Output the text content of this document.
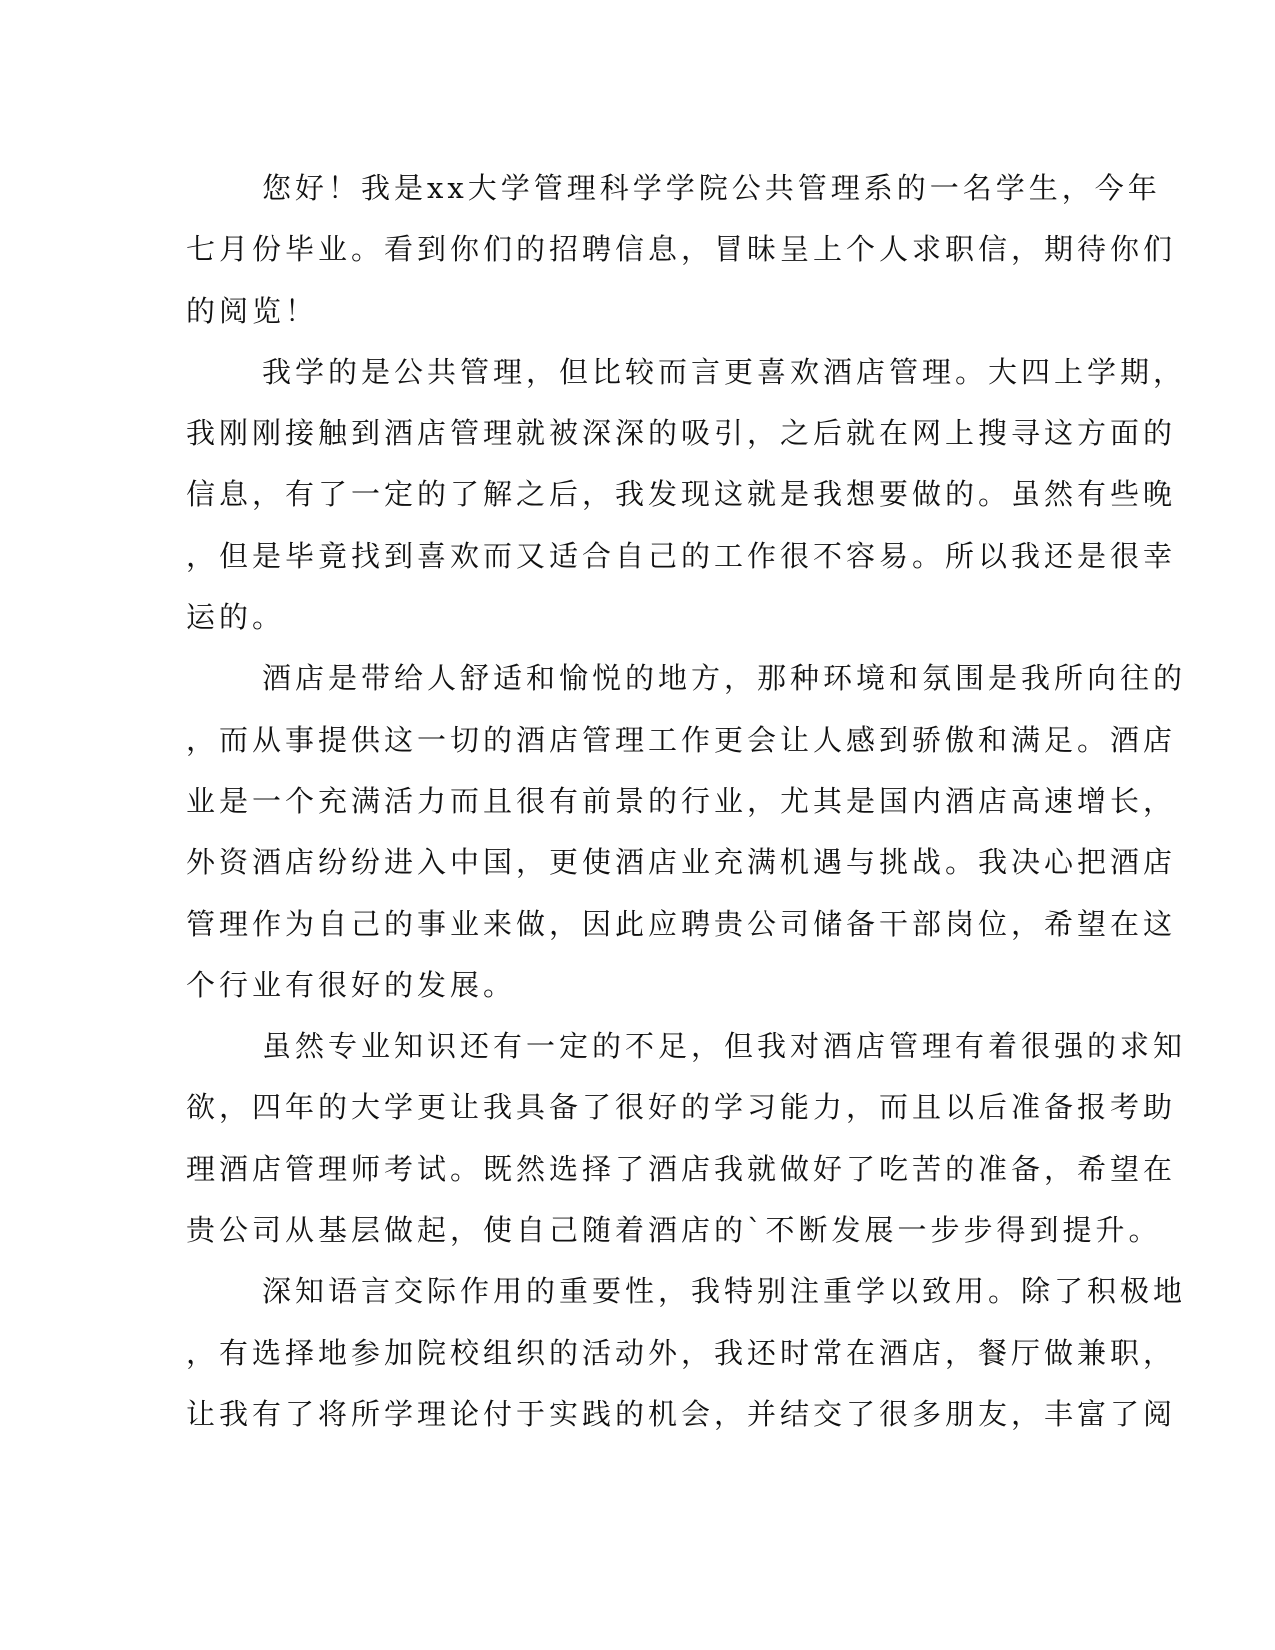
您好！我是xx大学管理科学学院公共管理系的一名学生，今年
七月份毕业。看到你们的招聘信息，冒昧呈上个人求职信，期待你们
的阅览！
我学的是公共管理，但比较而言更喜欢酒店管理。大四上学期，
我刚刚接触到酒店管理就被深深的吸引，之后就在网上搜寻这方面的
信息，有了一定的了解之后，我发现这就是我想要做的。虽然有些晚
，但是毕竟找到喜欢而又适合自己的工作很不容易。所以我还是很幸
运的。
酒店是带给人舒适和愉悦的地方，那种环境和氛围是我所向往的
，而从事提供这一切的酒店管理工作更会让人感到骄傲和满足。酒店
业是一个充满活力而且很有前景的行业，尤其是国内酒店高速增长，
外资酒店纷纷进入中国，更使酒店业充满机遇与挑战。我决心把酒店
管理作为自己的事业来做，因此应聘贵公司储备干部岗位，希望在这
个行业有很好的发展。
虽然专业知识还有一定的不足，但我对酒店管理有着很强的求知
欲，四年的大学更让我具备了很好的学习能力，而且以后准备报考助
理酒店管理师考试。既然选择了酒店我就做好了吃苦的准备，希望在
贵公司从基层做起，使自己随着酒店的`不断发展一步步得到提升。
深知语言交际作用的重要性，我特别注重学以致用。除了积极地
，有选择地参加院校组织的活动外，我还时常在酒店，餐厅做兼职，
让我有了将所学理论付于实践的机会，并结交了很多朋友，丰富了阅
